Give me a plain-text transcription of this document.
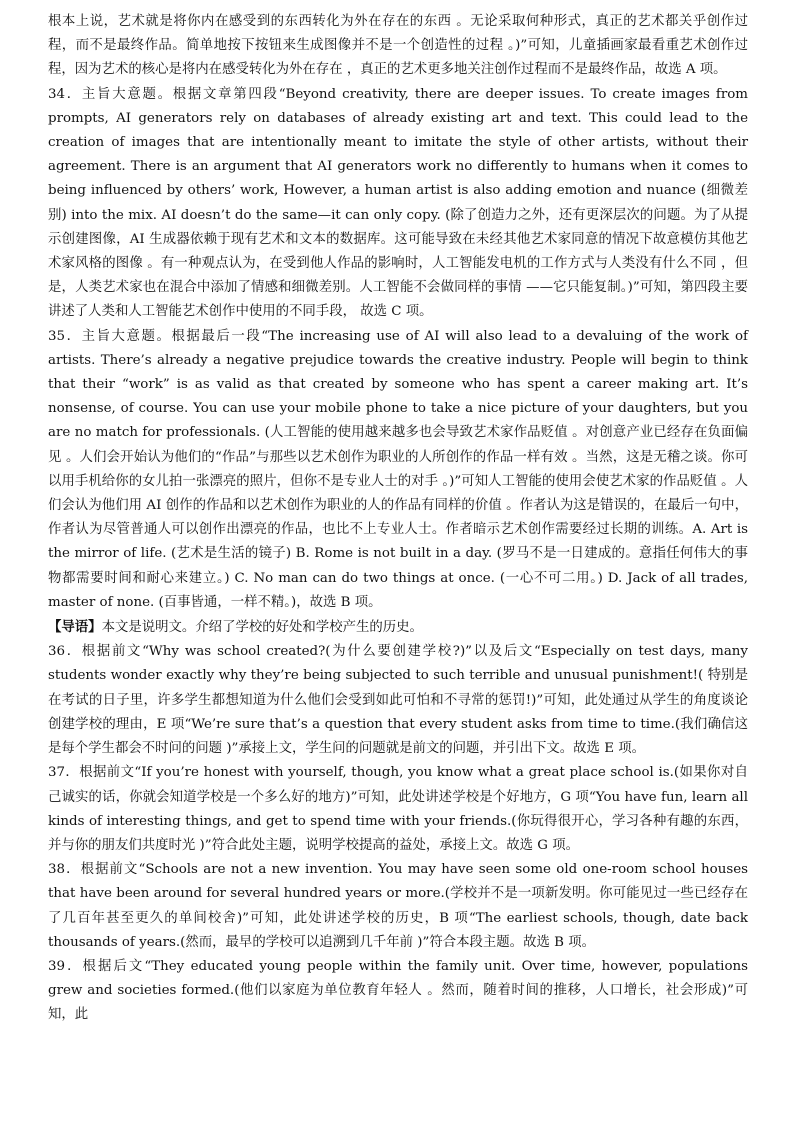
根本上说，艺术就是将你内在感受到的东西转化为外在存在的东西 。无论采取何种形式，真正的艺术都关乎创作过程，而不是最终作品。简单地按下按钮来生成图像并不是一个创造性的过程 。)”可知，儿童插画家最看重艺术创作过程，因为艺术的核心是将内在感受转化为外在存在 ，真正的艺术更多地关注创作过程而不是最终作品，故选 A 项。

34．主旨大意题。根据文章第四段“Beyond creativity, there are deeper issues. To create images from prompts, AI generators rely on databases of already existing art and text. This could lead to the creation of images that are intentionally meant to imitate the style of other artists, without their agreement. There is an argument that AI generators work no differently to humans when it comes to being influenced by others’ work, However, a human artist is also adding emotion and nuance (细微差别) into the mix. AI doesn’t do the same—it can only copy. (除了创造力之外，还有更深层次的问题。为了从提示创建图像，AI 生成器依赖于现有艺术和文本的数据库。这可能导致在未经其他艺术家同意的情况下故意模仿其他艺术家风格的图像 。有一种观点认为，在受到他人作品的影响时，人工智能发电机的工作方式与人类没有什么不同 ，但是，人类艺术家也在混合中添加了情感和细微差别。人工智能不会做同样的事情 ——它只能复制。)”可知，第四段主要讲述了人类和人工智能艺术创作中使用的不同手段， 故选 C 项。

35．主旨大意题。根据最后一段“The increasing use of AI will also lead to a devaluing of the work of artists. There’s already a negative prejudice towards the creative industry. People will begin to think that their “work” is as valid as that created by someone who has spent a career making art. It’s nonsense, of course. You can use your mobile phone to take a nice picture of your daughters, but you are no match for professionals. (人工智能的使用越来越多也会导致艺术家作品贬值 。对创意产业已经存在负面偏见 。人们会开始认为他们的“作品”与那些以艺术创作为职业的人所创作的作品一样有效 。当然，这是无稽之谈。你可以用手机给你的女儿拍一张漂亮的照片，但你不是专业人士的对手 。)”可知人工智能的使用会使艺术家的作品贬值 。人们会认为他们用 AI 创作的作品和以艺术创作为职业的人的作品有同样的价值 。作者认为这是错误的，在最后一句中，作者认为尽管普通人可以创作出漂亮的作品，也比不上专业人士。作者暗示艺术创作需要经过长期的训练。A. Art is the mirror of life. (艺术是生活的镜子) B. Rome is not built in a day. (罗马不是一日建成的。意指任何伟大的事物都需要时间和耐心来建立。) C. No man can do two things at once. (一心不可二用。) D. Jack of all trades, master of none. (百事皆通，一样不精。)，故选 B 项。

【导语】本文是说明文。介绍了学校的好处和学校产生的历史。

36．根据前文“Why was school created?(为什么要创建学校?)”以及后文“Especially on test days, many students wonder exactly why they’re being subjected to such terrible and unusual punishment!( 特别是在考试的日子里，许多学生都想知道为什么他们会受到如此可怕和不寻常的惩罚!)”可知，此处通过从学生的角度谈论创建学校的理由，E 项“We’re sure that’s a question that every student asks from time to time.(我们确信这是每个学生都会不时问的问题 )”承接上文，学生问的问题就是前文的问题，并引出下文。故选 E 项。

37．根据前文“If you’re honest with yourself, though, you know what a great place school is.(如果你对自己诚实的话，你就会知道学校是一个多么好的地方)”可知，此处讲述学校是个好地方，G 项“You have fun, learn all kinds of interesting things, and get to spend time with your friends.(你玩得很开心，学习各种有趣的东西，并与你的朋友们共度时光 )”符合此处主题，说明学校提高的益处，承接上文。故选 G 项。

38．根据前文“Schools are not a new invention. You may have seen some old one-room school houses that have been around for several hundred years or more.(学校并不是一项新发明。你可能见过一些已经存在了几百年甚至更久的单间校舍)”可知，此处讲述学校的历史，B 项“The earliest schools, though, date back thousands of years.(然而，最早的学校可以追溯到几千年前 )”符合本段主题。故选 B 项。

39．根据后文“They educated young people within the family unit. Over time, however, populations grew and societies formed.(他们以家庭为单位教育年轻人 。然而，随着时间的推移，人口增长，社会形成)”可知，此
